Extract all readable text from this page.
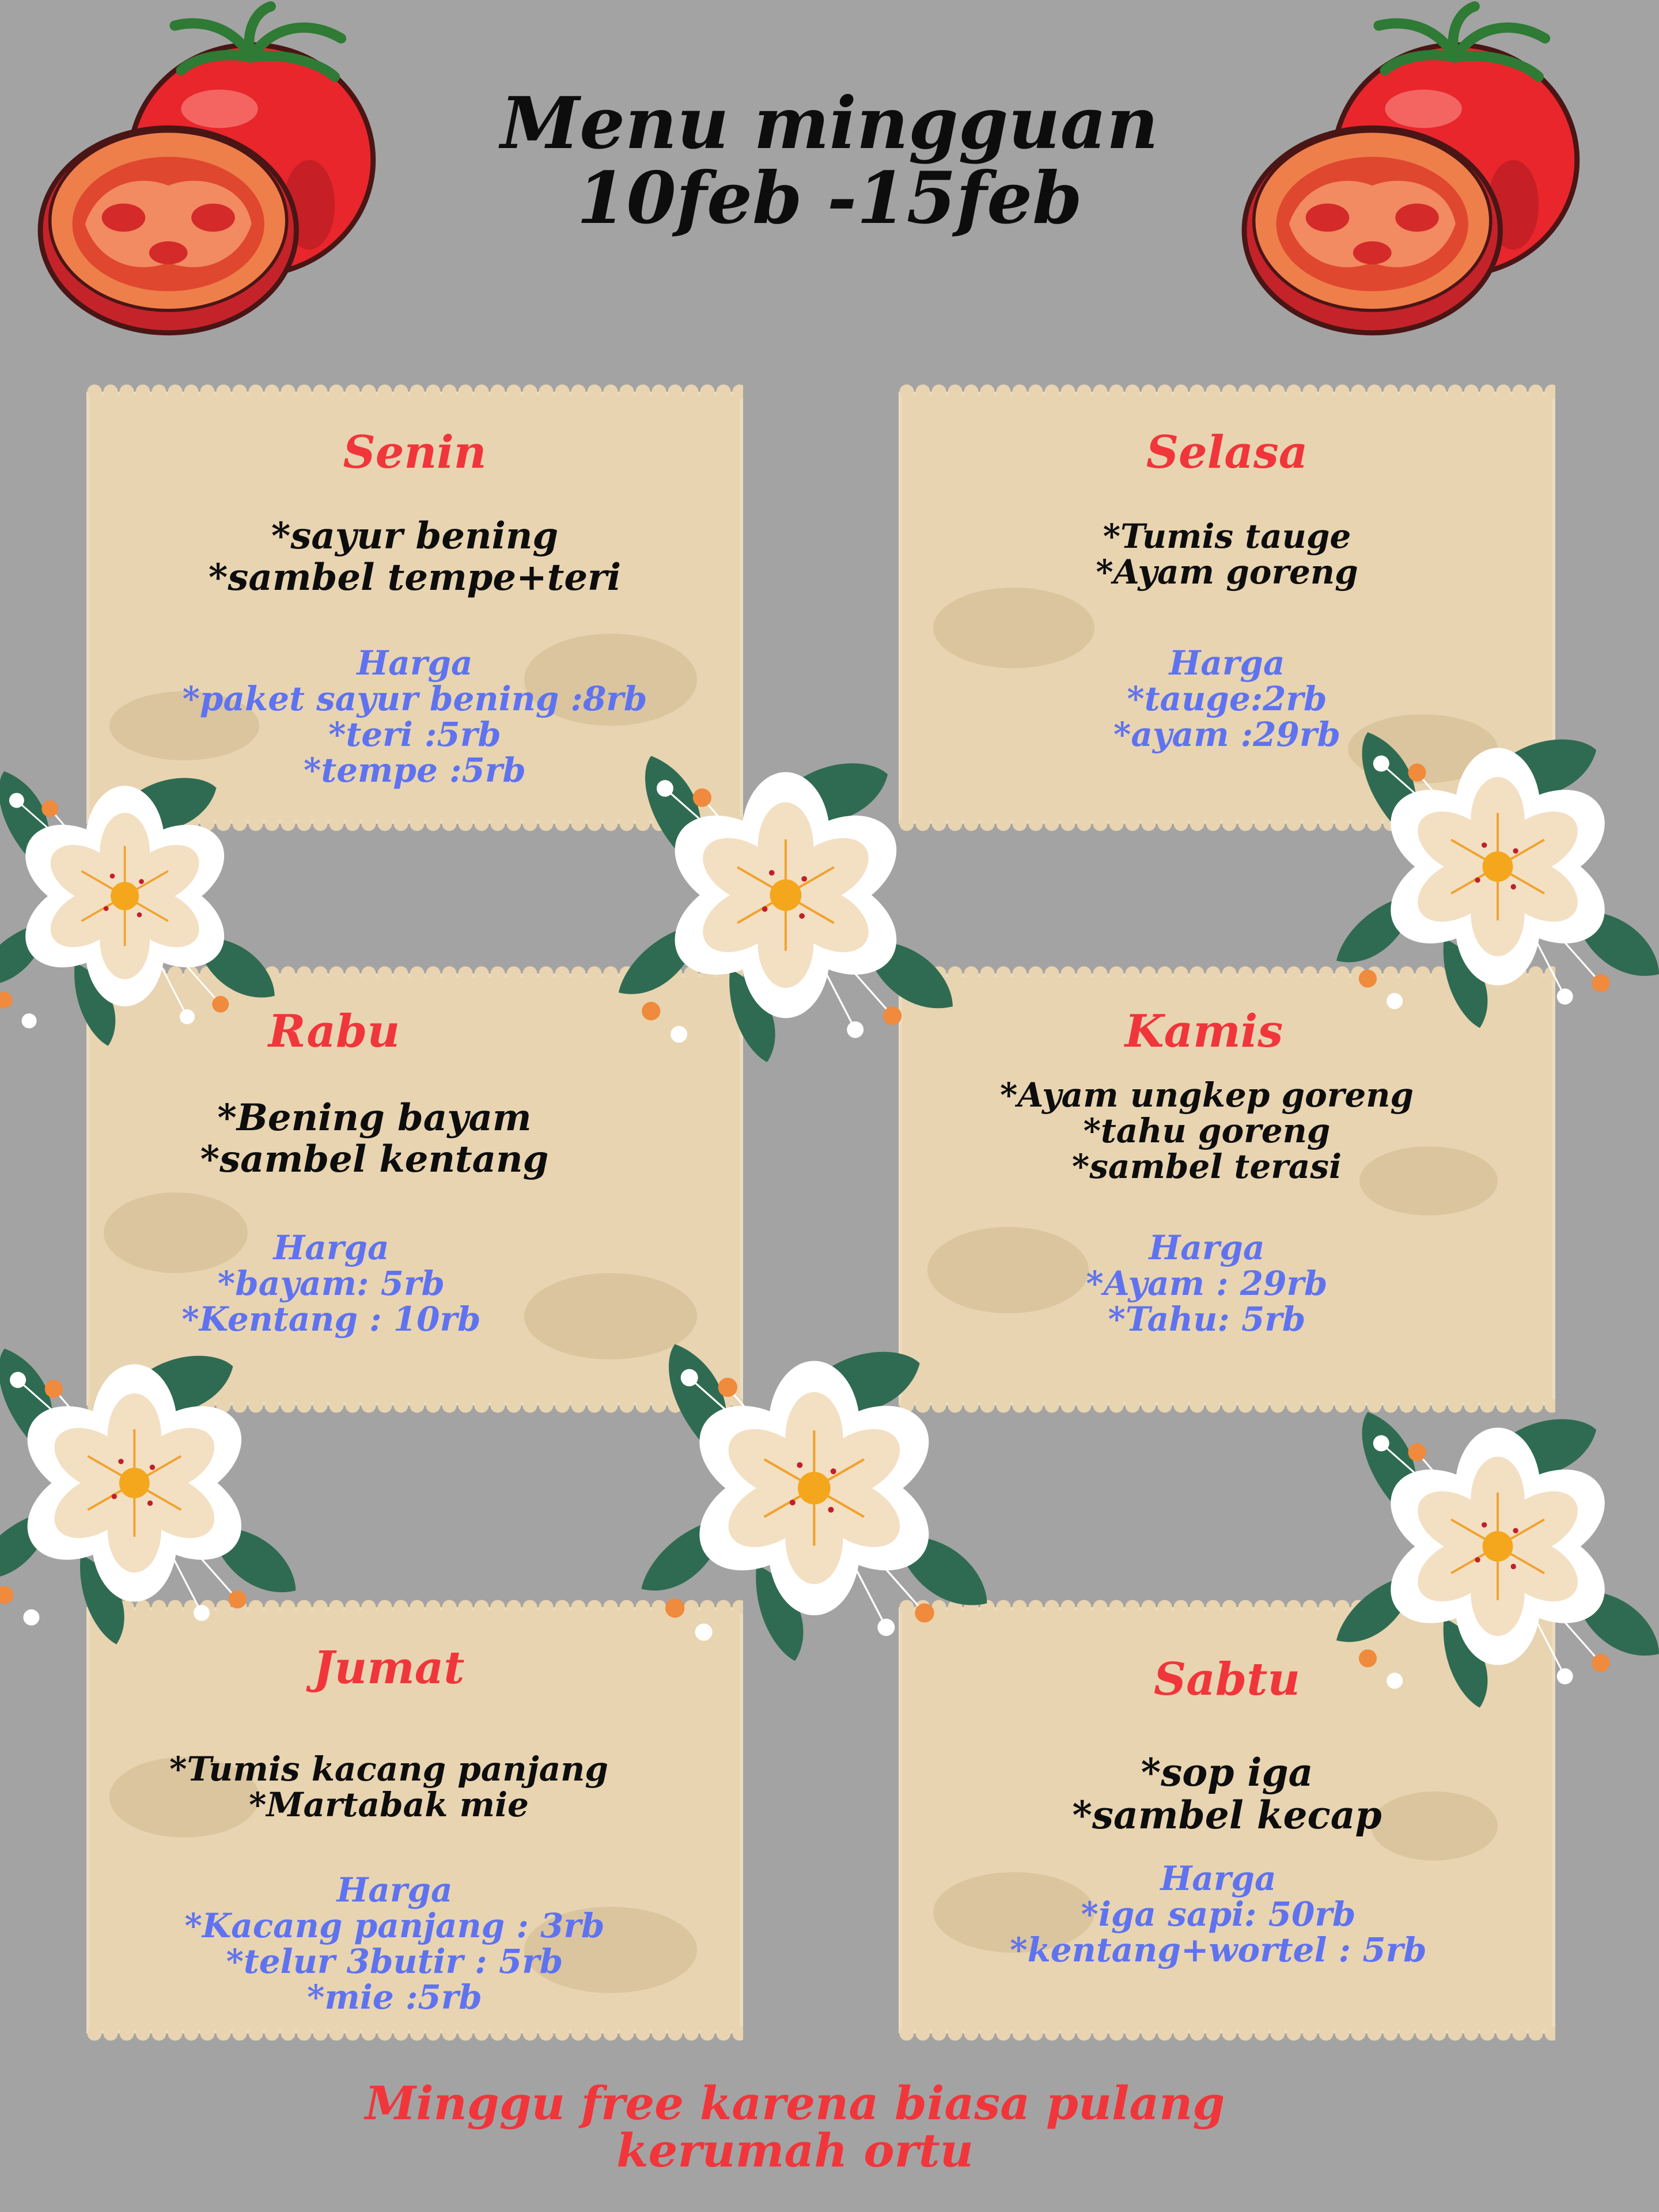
Menu mingguan
10feb -15feb
Senin
*sayur bening
*sambel tempe+teri
Harga
*paket sayur bening :8rb
*teri :5rb
*tempe :5rb
Selasa
*Tumis tauge
*Ayam goreng
Harga
*tauge:2rb
*ayam :29rb
Rabu
*Bening bayam
*sambel kentang
Harga
*bayam: 5rb
*Kentang : 10rb
Kamis
*Ayam ungkep goreng
*tahu goreng
*sambel terasi
Harga
*Ayam : 29rb
*Tahu: 5rb
Jumat
*Tumis kacang panjang
*Martabak mie
Harga
*Kacang panjang : 3rb
*telur 3butir : 5rb
*mie :5rb
Sabtu
*sop iga
*sambel kecap
Harga
*iga sapi: 50rb
*kentang+wortel : 5rb
Minggu free karena biasa pulang
kerumah ortu
